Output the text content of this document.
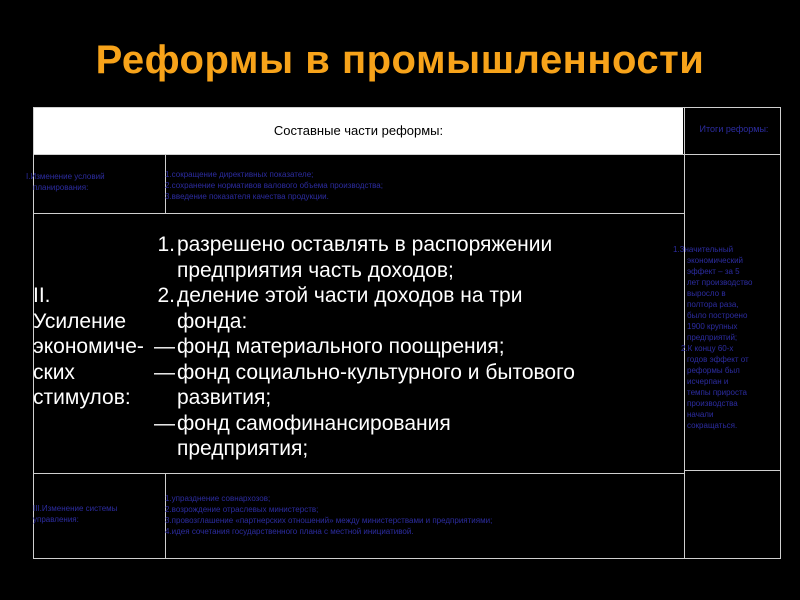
Реформы в промышленности
Составные части реформы:	Итоги реформы:
I.Изменение условий
планирования:
1.сокращение директивных показателе;
2.сохранение нормативов валового объема производства;
3.введение показателя качества продукции.
II.
Усиление
экономиче-
ских
стимулов:
1. разрешено оставлять в распоряжении
предприятия часть доходов;
2. деление этой части доходов на три
фонда:
— фонд материального поощрения;
— фонд социально-культурного и бытового
развития;
— фонд самофинансирования
предприятия;
1.Значительный
экономический
эффект – за 5
лет производство
выросло в
полтора раза,
было построено
1900 крупных
предприятий;
2.К концу 60-х
годов эффект от
реформы был
исчерпан и
темпы прироста
производства
начали
сокращаться.
III.Изменение системы
управления:
1.упразднение совнархозов;
2.возрождение отраслевых министерств;
3.провозглашение «партнерских отношений» между министерствами и предприятиями;
4.идея сочетания государственного плана с местной инициативой.
